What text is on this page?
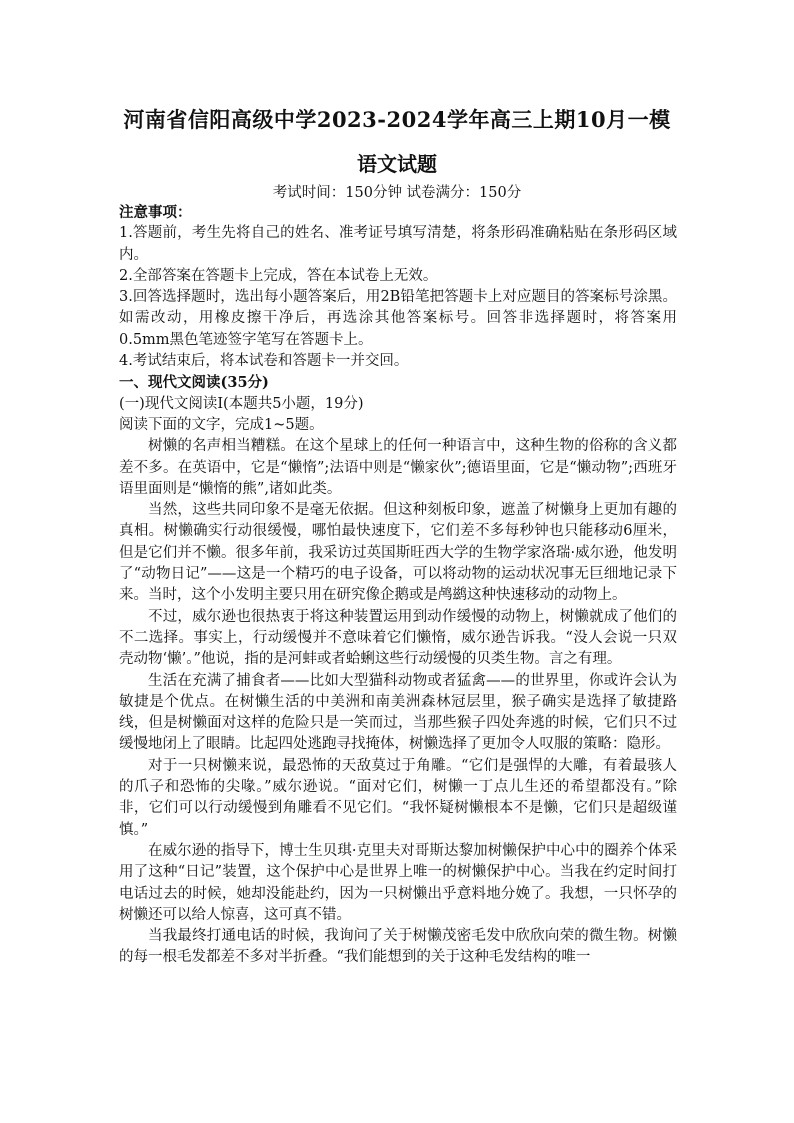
河南省信阳高级中学2023-2024学年高三上期10月一模
语文试题
考试时间：150分钟 试卷满分：150分

注意事项：

1.答题前，考生先将自己的姓名、准考证号填写清楚，将条形码准确粘贴在条形码区域内。

2.全部答案在答题卡上完成，答在本试卷上无效。

3.回答选择题时，选出每小题答案后，用2B铅笔把答题卡上对应题目的答案标号涂黑。如需改动，用橡皮擦干净后，再选涂其他答案标号。回答非选择题时，将答案用0.5mm黑色笔迹签字笔写在答题卡上。

4.考试结束后，将本试卷和答题卡一并交回。

一、现代文阅读(35分)

(一)现代文阅读I(本题共5小题，19分)

阅读下面的文字，完成1~5题。

树懒的名声相当糟糕。在这个星球上的任何一种语言中，这种生物的俗称的含义都差不多。在英语中，它是“懒惰”;法语中则是“懒家伙”;德语里面，它是“懒动物”;西班牙语里面则是“懒惰的熊”,诸如此类。

当然，这些共同印象不是毫无依据。但这种刻板印象，遮盖了树懒身上更加有趣的真相。树懒确实行动很缓慢，哪怕最快速度下，它们差不多每秒钟也只能移动6厘米，但是它们并不懒。很多年前，我采访过英国斯旺西大学的生物学家洛瑞·威尔逊，他发明了“动物日记”——这是一个精巧的电子设备，可以将动物的运动状况事无巨细地记录下来。当时，这个小发明主要只用在研究像企鹅或是鸬鹚这种快速移动的动物上。

不过，威尔逊也很热衷于将这种装置运用到动作缓慢的动物上，树懒就成了他们的不二选择。事实上，行动缓慢并不意味着它们懒惰，威尔逊告诉我。“没人会说一只双壳动物‘懒’。”他说，指的是河蚌或者蛤蜊这些行动缓慢的贝类生物。言之有理。

生活在充满了捕食者——比如大型猫科动物或者猛禽——的世界里，你或许会认为敏捷是个优点。在树懒生活的中美洲和南美洲森林冠层里，猴子确实是选择了敏捷路线，但是树懒面对这样的危险只是一笑而过，当那些猴子四处奔逃的时候，它们只不过缓慢地闭上了眼睛。比起四处逃跑寻找掩体，树懒选择了更加令人叹服的策略：隐形。

对于一只树懒来说，最恐怖的天敌莫过于角雕。“它们是强悍的大雕，有着最骇人的爪子和恐怖的尖喙。”威尔逊说。“面对它们，树懒一丁点儿生还的希望都没有。”除非，它们可以行动缓慢到角雕看不见它们。“我怀疑树懒根本不是懒，它们只是超级谨慎。”

在威尔逊的指导下，博士生贝琪·克里夫对哥斯达黎加树懒保护中心中的圈养个体采用了这种“日记”装置，这个保护中心是世界上唯一的树懒保护中心。当我在约定时间打电话过去的时候，她却没能赴约，因为一只树懒出乎意料地分娩了。我想，一只怀孕的树懒还可以给人惊喜，这可真不错。

当我最终打通电话的时候，我询问了关于树懒茂密毛发中欣欣向荣的微生物。树懒的每一根毛发都差不多对半折叠。“我们能想到的关于这种毛发结构的唯一
